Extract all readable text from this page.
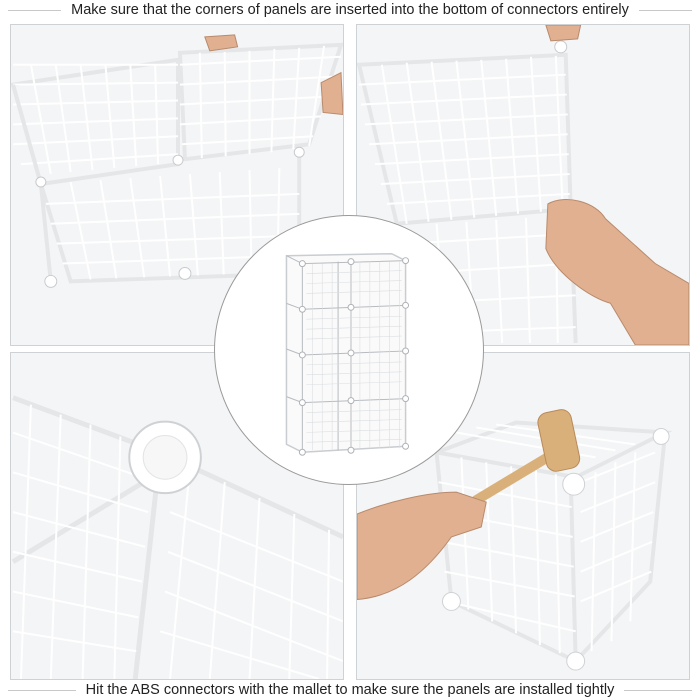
Make sure that the corners of panels are inserted into the bottom of connectors entirely
Hit the ABS connectors with the mallet to make sure the panels are installed tightly
